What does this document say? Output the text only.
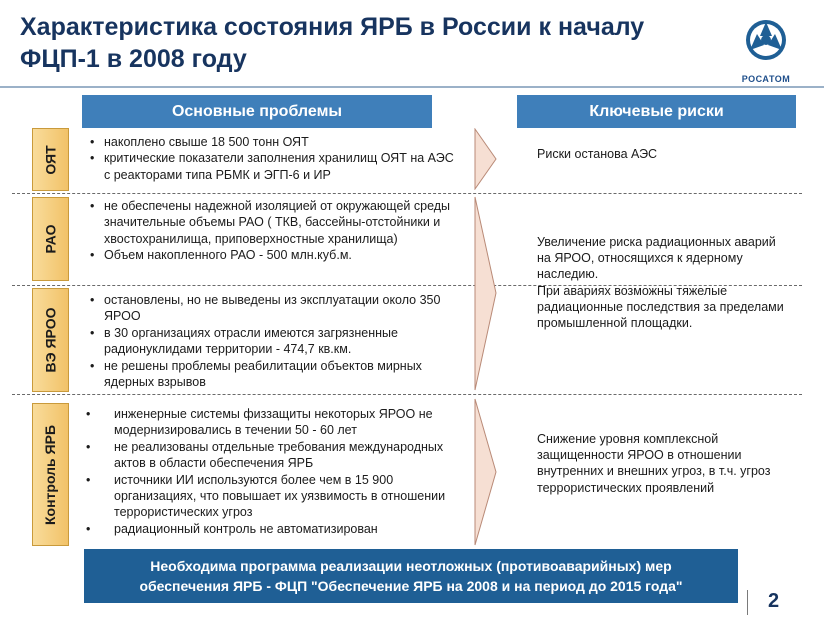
Характеристика состояния ЯРБ в России к началу
ФЦП-1 в 2008 году
РОСАТОМ
Основные проблемы	Ключевые риски
ОЯТ
РАО
ВЭ ЯРОО
Контроль ЯРБ
• накоплено свыше 18 500 тонн ОЯТ
• критические показатели заполнения хранилищ ОЯТ на АЭС с реакторами типа РБМК и ЭГП-6 и ИР
• не обеспечены надежной изоляцией от окружающей среды значительные объемы РАО ( ТКВ, бассейны-отстойники и хвостохранилища, приповерхностные хранилища)
• Объем накопленного РАО - 500 млн.куб.м.
• остановлены, но не выведены из эксплуатации около 350 ЯРОО
• в 30 организациях отрасли имеются загрязненные радионуклидами территории - 474,7 кв.км.
• не решены проблемы реабилитации объектов мирных ядерных взрывов
• инженерные системы физзащиты некоторых ЯРОО не модернизировались в течении 50 - 60 лет
• не реализованы отдельные требования международных актов в области обеспечения ЯРБ
• источники ИИ используются более чем в 15 900 организациях, что повышает их уязвимость в отношении террористических угроз
• радиационный контроль не автоматизирован
Риски останова АЭС

Увеличение риска радиационных аварий на ЯРОО, относящихся к ядерному наследию.

При авариях возможны тяжелые радиационные последствия за пределами промышленной площадки.

Снижение уровня комплексной защищенности ЯРОО в отношении внутренних и внешних угроз, в т.ч. угроз террористических проявлений
Необходима программа реализации неотложных (противоаварийных) мер
обеспечения ЯРБ - ФЦП "Обеспечение ЯРБ на 2008 и на период до 2015 года"
2
